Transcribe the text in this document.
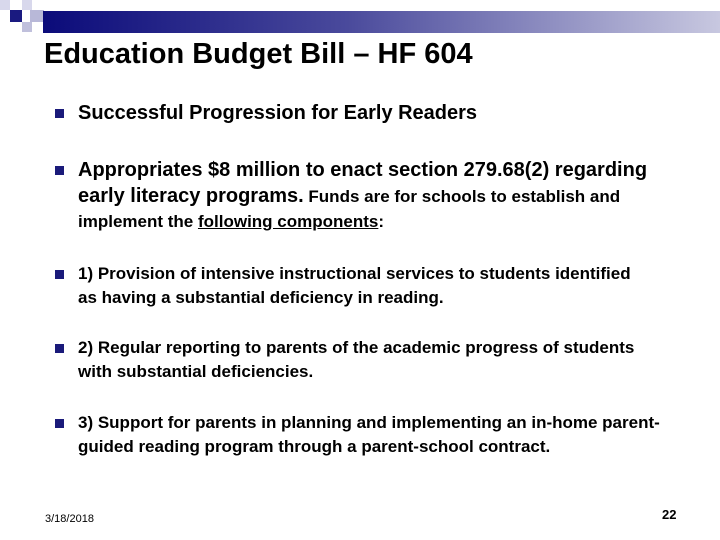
Education Budget Bill – HF 604
Successful Progression for Early Readers
Appropriates $8 million to enact section 279.68(2) regarding early literacy programs. Funds are for schools to establish and implement the following components:
1) Provision of intensive instructional services to students identified as having a substantial deficiency in reading.
2) Regular reporting to parents of the academic progress of students with substantial deficiencies.
3) Support for parents in planning and implementing an in-home parent-guided reading program through a parent-school contract.
3/18/2018	22
